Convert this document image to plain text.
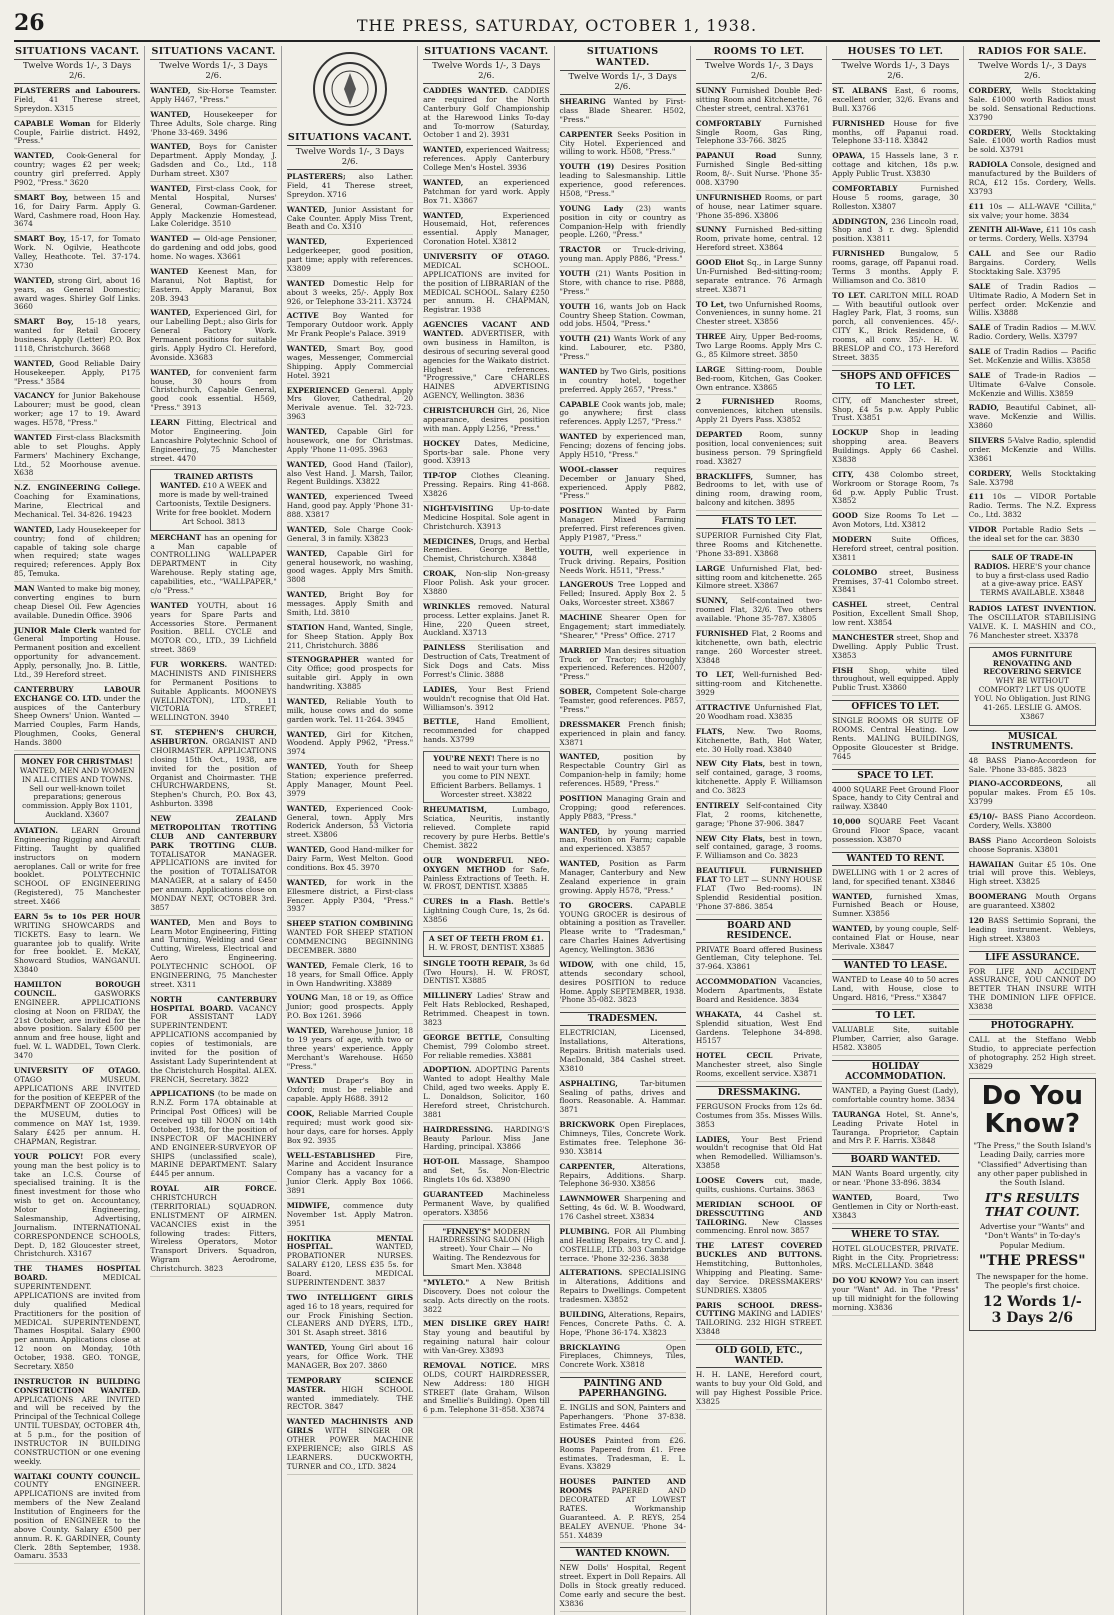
26	THE PRESS, SATURDAY, OCTOBER 1, 1938.
SITUATIONS VACANT.
Twelve Words 1/-, 3 Days 2/6.
PLASTERERS and Labourers. Field, 41 Therese street, Spreydon. X315
CAPABLE Woman for Elderly Couple, Fairlie district. H492, "Press."
WANTED, Cook-General for country; wages £2 per week; country girl preferred. Apply P902, "Press." 3620
SMART Boy, between 15 and 16, for Dairy Farm. Apply G. Ward, Cashmere road, Hoon Hay. 3674
SMART Boy, 15-17, for Tomato Work. N. Ogilvie, Heathcote Valley, Heathcote. Tel. 37-174. X730
WANTED, strong Girl, about 16 years, as General Domestic; award wages. Shirley Golf Links. 3660
SMART Boy, 15-18 years, wanted for Retail Grocery business. Apply (Letter) P.O. Box 1118, Christchurch. 3668
WANTED, Good Reliable Dairy Housekeeper. Apply, P175 "Press." 3584
VACANCY for Junior Bakehouse Labourer; must be good, clean worker; age 17 to 19. Award wages. H578, "Press."
WANTED First-class Blacksmith able to set Ploughs. Apply Farmers' Machinery Exchange, Ltd., 52 Moorhouse avenue. X638
N.Z. ENGINEERING College. Coaching for Examinations, Marine, Electrical and Mechanical. Tel. 34-826. 19423
WANTED, Lady Housekeeper for country; fond of children; capable of taking sole charge when required; state wages required; references. Apply Box 85, Temuka.
MAN Wanted to make big money, converting engines to burn cheap Diesel Oil. Few Agencies available. Dunedin Office. 3906
JUNIOR Male Clerk wanted for General Importing House. Permanent position and excellent opportunity for advancement. Apply, personally, Jno. B. Little, Ltd., 39 Hereford street.
CANTERBURY LABOUR EXCHANGE CO. LTD. under the auspices of the Canterbury Sheep Owners' Union. Wanted — Married Couples, Farm Hands, Ploughmen, Cooks, General Hands. 3800
MONEY FOR CHRISTMAS! WANTED, MEN AND WOMEN IN ALL CITIES AND TOWNS. Sell our well-known toilet preparations; generous commission. Apply Box 1101, Auckland. X3607
AVIATION. LEARN Ground Engineering Rigging and Aircraft Fitting. Taught by qualified instructors on modern aeroplanes. Call or write for free booklet. POLYTECHNIC SCHOOL OF ENGINEERING (Registered), 75 Manchester street. X466
EARN 5s to 10s PER HOUR WRITING SHOWCARDS and TICKETS. Easy to learn. We guarantee job to qualify. Write for free booklet. E. McKAY, Showcard Studios, WANGANUI. X3840
HAMILTON BOROUGH COUNCIL.	GASWORKS ENGINEER. APPLICATIONS closing at Noon on FRIDAY, the 21st October, are invited for the above position. Salary £500 per annum and free house, light and fuel. W. L. WADDEL, Town Clerk. 3470
UNIVERSITY OF OTAGO. OTAGO MUSEUM. APPLICATIONS ARE INVITED for the position of KEEPER of the DEPARTMENT OF ZOOLOGY in the MUSEUM, duties to commence on MAY 1st, 1939. Salary £425 per annum. H. CHAPMAN, Registrar.
YOUR POLICY! FOR every young man the best policy is to take an I.C.S. Course of specialised training. It is the finest investment for those who wish to get on. Accountancy, Motor Engineering, Salesmanship, Advertising, Journalism. INTERNATIONAL CORRESPONDENCE SCHOOLS, Dept. D, 182 Gloucester street, Christchurch. X3167
THE THAMES HOSPITAL BOARD.	MEDICAL SUPERINTENDENT. APPLICATIONS are invited from duly qualified Medical Practitioners for the position of MEDICAL SUPERINTENDENT, Thames Hospital. Salary £900 per annum. Applications close at 12 noon on Monday, 10th October, 1938. GEO. TONGE, Secretary. X850
INSTRUCTOR IN BUILDING CONSTRUCTION WANTED. APPLICATIONS ARE INVITED and will be received by the Principal of the Technical College UNTIL TUESDAY, OCTOBER 4th, at 5 p.m., for the position of INSTRUCTOR IN BUILDING CONSTRUCTION or one evening weekly.
WAITAKI COUNTY COUNCIL. COUNTY ENGINEER. APPLICATIONS are invited from members of the New Zealand Institution of Engineers for the position of ENGINEER to the above County. Salary £500 per annum. R. K. GARDINER, County Clerk. 28th September, 1938. Oamaru. 3533
SITUATIONS VACANT.
Twelve Words 1/-, 3 Days 2/6.
WANTED, Six-Horse Teamster. Apply H467, "Press."
WANTED, Housekeeper for Three Adults, Sole charge. Ring 'Phone 33-469. 3496
WANTED, Boys for Canister Department. Apply Monday, J. Gadsden and Co., Ltd., 118 Durham street. X307
WANTED, First-class Cook, for Mental Hospital, Nurses' General, Cowman-Gardener. Apply Mackenzie Homestead, Lake Coleridge. 3510
WANTED — Old-age Pensioner, do gardening and odd jobs, good home. No wages. X3661
WANTED Keenest Man, for Maranui, Not Baptist, for Eastern. Apply Maranui, Box 20B. 3943
WANTED, Experienced Girl, for our Labelling Dept.; also Girls for General Factory Work. Permanent positions for suitable girls. Apply Hydro Cl. Hereford, Avonside. X3683
WANTED, for convenient farm house, 30 hours from Christchurch, Capable General, good cook essential. H569, "Press." 3913
LEARN Fitting, Electrical and Motor Engineering. Join Lancashire Polytechnic School of Engineering, 75 Manchester street. 4470
TRAINED ARTISTS WANTED. £10 A WEEK and more is made by well-trained Cartoonists, Textile Designers. Write for free booklet. Modern Art School. 3813
MERCHANT has an opening for a Man capable of CONTROLLING WALLPAPER DEPARTMENT in City Warehouse. Reply stating age, capabilities, etc., "WALLPAPER," c/o "Press."
WANTED YOUTH, about 16 years for Spare Parts and Accessories Store. Permanent Position. BELL CYCLE and MOTOR CO., LTD., 39 Lichfield street. 3869
FUR WORKERS. WANTED: MACHINISTS AND FINISHERS for Permanent Positions to Suitable Applicants. MOONEYS (WELLINGTON), LTD., 11 VICTORIA STREET, WELLINGTON. 3940
ST. STEPHEN'S CHURCH, ASHBURTON. ORGANIST AND CHOIRMASTER. APPLICATIONS closing 15th Oct., 1938, are invited for the position of Organist and Choirmaster. THE CHURCHWARDENS, St. Stephen's Church, P.O. Box 43, Ashburton. 3398
NEW ZEALAND METROPOLITAN TROTTING CLUB AND CANTERBURY PARK TROTTING CLUB. TOTALISATOR MANAGER. APPLICATIONS are invited for the position of TOTALISATOR MANAGER, at a salary of £450 per annum. Applications close on MONDAY NEXT, OCTOBER 3rd. 3857
WANTED, Men and Boys to Learn Motor Engineering, Fitting and Turning, Welding and Gear Cutting, Wireless, Electrical and Aero Engineering. POLYTECHNIC SCHOOL OF ENGINEERING, 75 Manchester street. X311
NORTH CANTERBURY HOSPITAL BOARD. VACANCY FOR ASSISTANT LADY SUPERINTENDENT. APPLICATIONS accompanied by copies of testimonials, are invited for the position of Assistant Lady Superintendent at the Christchurch Hospital. ALEX. FRENCH, Secretary. 3822
APPLICATIONS (to be made on R.N.Z. Form 17A obtainable at Principal Post Offices) will be received up till NOON on 14th October, 1938, for the position of INSPECTOR OF MACHINERY AND ENGINEER-SURVEYOR OF SHIPS (unclassified scale), MARINE DEPARTMENT. Salary £445 per annum.
ROYAL AIR FORCE. CHRISTCHURCH (TERRITORIAL) SQUADRON. ENLISTMENT OF AIRMEN. VACANCIES exist in the following trades: Fitters, Wireless Operators, Motor Transport Drivers. Squadron, Wigram Aerodrome, Christchurch. 3823
SITUATIONS VACANT.
Twelve Words 1/-, 3 Days 2/6.
PLASTERERS; also Lather. Field, 41 Therese street, Spreydon. X716
WANTED, Junior Assistant for Cake Counter. Apply Miss Trent, Beath and Co. X310
WANTED,	Experienced Ledgerkeeper, good position, part time; apply with references. X3809
WANTED Domestic Help for about 3 weeks, 25/-. Apply Box 926, or Telephone 33-211. X3724
ACTIVE Boy Wanted for Temporary Outdoor work. Apply Mr Frank People's Palace. 3919
WANTED, Smart Boy, good wages, Messenger, Commercial Shipping. Apply Commercial Hotel. 3921
EXPERIENCED General. Apply Mrs Glover, Cathedral, 20 Merivale avenue. Tel. 32-723. 3963
WANTED, Capable Girl for housework, one for Christmas. Apply 'Phone 11-095. 3963
WANTED, Good Hand (Tailor), also Vest Hand. J. Marsh, Tailor, Regent Buildings. X3822
WANTED, experienced Tweed Hand, good pay. Apply 'Phone 31-888. X3817
WANTED, Sole Charge Cook-General, 3 in family. X3823
WANTED, Capable Girl for general housework, no washing, good wages. Apply Mrs Smith. 3808
WANTED, Bright Boy for messages. Apply Smith and Smith, Ltd. 3810
STATION Hand, Wanted, Single, for Sheep Station. Apply Box 211, Christchurch. 3886
STENOGRAPHER wanted for City Office; good prospects for suitable girl. Apply in own handwriting. X3885
WANTED, Reliable Youth to milk, house cows and do some garden work. Tel. 11-264. 3945
WANTED, Girl for Kitchen, Woodend. Apply P962, "Press." 3974
WANTED, Youth for Sheep Station; experience preferred. Apply Manager, Mount Peel. 3979
WANTED, Experienced Cook-General, town. Apply Mrs Roderick Anderson, 53 Victoria street. X3806
WANTED, Good Hand-milker for Dairy Farm, West Melton. Good conditions. Box 45. 3970
WANTED, for work in the Ellesmere district, a First-class Fencer. Apply P304, "Press." 3937
SHEEP STATION COMBINING WANTED FOR SHEEP STATION COMMENCING BEGINNING DECEMBER. 3880
WANTED, Female Clerk, 16 to 18 years, for Small Office. Apply in Own Handwriting. X3889
YOUNG Man, 18 or 19, as Office Junior; good prospects. Apply P.O. Box 1261. 3966
WANTED, Warehouse Junior, 18 to 19 years of age, with two or three years' experience. Apply Merchant's Warehouse. H650 "Press."
WANTED Draper's Boy in Oxford; must be reliable and capable. Apply H688. 3912
COOK, Reliable Married Couple required; must work good six-hour days, care for horses. Apply Box 92. 3935
WELL-ESTABLISHED	Fire, Marine and Accident Insurance Company has a vacancy for a Junior Clerk. Apply Box 1066. 3891
MIDWIFE, commence duty November 1st. Apply Matron. 3951
HOKITIKA MENTAL HOSPITAL.	WANTED, PROBATIONER NURSES. SALARY £120, LESS £35 5s. for Board. MEDICAL SUPERINTENDENT. 3837
TWO INTELLIGENT GIRLS aged 16 to 18 years, required for our Frock Finishing Section. CLEANERS AND DYERS, LTD., 301 St. Asaph street. 3816
WANTED, Young Girl about 16 years, for Office Work. THE MANAGER, Box 207. 3860
TEMPORARY SCIENCE MASTER. HIGH SCHOOL wanted immediately. THE RECTOR. 3847
WANTED MACHINISTS AND GIRLS WITH SINGER OR OTHER POWER MACHINE EXPERIENCE; also GIRLS AS LEARNERS. DUCKWORTH, TURNER and CO., LTD. 3824
SITUATIONS VACANT.
Twelve Words 1/-, 3 Days 2/6.
CADDIES WANTED. CADDIES are required for the North Canterbury Golf Championship at the Harewood Links To-day and To-morrow (Saturday, October 1 and 2). 3931
WANTED, experienced Waitress; references. Apply Canterbury College Men's Hostel. 3936
WANTED, an experienced Patchman for yard work. Apply Box 71. X3867
WANTED,	Experienced Housemaid, Hot, references essential. Apply Manager, Coronation Hotel. X3812
UNIVERSITY OF OTAGO. MEDICAL SCHOOL. APPLICATIONS are invited for the position of LIBRARIAN of the MEDICAL SCHOOL. Salary £250 per annum. H. CHAPMAN, Registrar. 1938
AGENCIES VACANT AND WANTED. ADVERTISER, with own business in Hamilton, is desirous of securing several good agencies for the Waikato district. Highest references. "Progressive," Care CHARLES HAINES ADVERTISING AGENCY, Wellington. 3836
CHRISTCHURCH Girl, 26, Nice appearance, desires position with man. Apply L256, "Press."
HOCKEY Dates, Medicine, Sports-bar sale. Phone very good. X3913
TIP-TOP Clothes Cleaning. Pressing. Repairs. Ring 41-868. X3826
NIGHT-VISITING Up-to-date Medicine Hospital. Sole agent in Christchurch. X3913
MEDICINES, Drugs, and Herbal Remedies. George Bettle, Chemist, Christchurch. X3848
CROAK, Non-slip Non-greasy Floor Polish. Ask your grocer. X3880
WRINKLES removed. Natural process. Letter explains. Janet R. Hine, 220 Queen street, Auckland. X3713
PAINLESS Sterilisation and Destruction of Cats, Treatment of Sick Dogs and Cats. Miss Forrest's Clinic. 3888
LADIES, Your Best Friend wouldn't recognise that Old Hat. Williamson's. 3912
BETTLE, Hand Emollient, recommended for chapped hands. X3799
YOU'RE NEXT! There is no need to wait your turn when you come to PIN NEXT. Efficient Barbers. Bellamys. 1 Worcester street. X3822
RHEUMATISM,	Lumbago, Sciatica, Neuritis, instantly relieved. Complete rapid recovery by pure Herbs. Bettle's Chemist. 3822
OUR WONDERFUL NEO-OXYGEN METHOD for Safe, Painless Extractions of Teeth. H. W. FROST, DENTIST. X3885
CURES in a Flash. Bettle's Lightning Cough Cure, 1s, 2s 6d. X3856
A SET OF TEETH FROM £1. H. W. FROST, DENTIST. X3885
SINGLE TOOTH REPAIR, 3s 6d (Two Hours). H. W. FROST, DENTIST. X3885
MILLINERY Ladies' Straw and Felt Hats Reblocked, Reshaped, Retrimmed. Cheapest in town. 3823
GEORGE BETTLE, Consulting Chemist, 799 Colombo street. For reliable remedies. X3881
ADOPTION. ADOPTING Parents Wanted to adopt Healthy Male Child, aged two weeks. Apply E. L. Donaldson, Solicitor, 160 Hereford street, Christchurch. 3881
HAIRDRESSING. HARDING'S Beauty Parlour. Miss Jane Harding, principal. X3866
HOT-OIL Massage, Shampoo and Set, 5s. Non-Electric Ringlets 10s 6d. X3890
GUARANTEED	Machineless Permanent Wave, by qualified operators. X3856
"FINNEY'S" MODERN HAIRDRESSING SALON (High street). Your Chair — No Waiting. The Rendezvous for Smart Men. X3848
"MYLETO." A New British Discovery. Does not colour the scalp. Acts directly on the roots. 3822
MEN DISLIKE GREY HAIR! Stay young and beautiful by regaining natural hair colour with Van-Grey. X3893
REMOVAL NOTICE. MRS OLDS, COURT HAIRDRESSER, New Address: 180 HIGH STREET (late Graham, Wilson and Smellie's Building). Open till 6 p.m. Telephone 31-858. X3874
SITUATIONS WANTED.
Twelve Words 1/-, 3 Days 2/6.
SHEARING Wanted by First-class Blade Shearer. H502, "Press."
CARPENTER Seeks Position in City Hotel. Experienced and willing to work. H508, "Press."
YOUTH (19) Desires Position leading to Salesmanship. Little experience, good references. H508, "Press."
YOUNG Lady (23) wants position in city or country as Companion-Help with friendly people. L260, "Press."
TRACTOR or Truck-driving, young man. Apply P886, "Press."
YOUTH (21) Wants Position in Store, with chance to rise. P888, "Press."
YOUTH 16, wants Job on Hack Country Sheep Station. Cowman, odd jobs. H504, "Press."
YOUTH (21) Wants Work of any kind. Labourer, etc. P380, "Press."
WANTED by Two Girls, positions in country hotel, together preferred. Apply 2657, "Press."
CAPABLE Cook wants job, male; go anywhere; first class references. Apply L257, "Press."
WANTED by experienced man, Fencing; dozens of fencing jobs. Apply H510, "Press."
WOOL-classer	requires December or January Shed, experienced. Apply P882, "Press."
POSITION Wanted by Farm Manager. Mixed Farming preferred. First references given. Apply P1987, "Press."
YOUTH, well experience in Truck driving. Repairs, Position Needs Work. H511, "Press."
LANGEROUS Tree Lopped and Felled; Insured. Apply Box 2. 5 Oaks, Worcester street. X3867
MACHINE Shearer Open for Engagement; start immediately. "Shearer," "Press" Office. 2717
MARRIED Man desires situation Truck or Tractor; thoroughly experienced. References. H2007, "Press."
SOBER, Competent Sole-charge Teamster, good references. P857, "Press."
DRESSMAKER French finish; experienced in plain and fancy. X3871
WANTED,	position by Respectable Country Girl as Companion-help in family; home references. H589, "Press."
POSITION Managing Grain and Cropping; good references. Apply P883, "Press."
WANTED, by young married man, Position on Farm; capable and experienced. X3857
WANTED, Position as Farm Manager, Canterbury and New Zealand experience in grain growing. Apply H578, "Press."
TO GROCERS. CAPABLE YOUNG GROCER is desirous of obtaining a position as Traveller. Please write to "Tradesman," care Charles Haines Advertising Agency, Wellington. 3836
WIDOW, with one child, 15, attends secondary school, desires POSITION to reduce Home. Apply SEPTEMBER, 1938. 'Phone 35-082. 3823
TRADESMEN.
ELECTRICIAN, Licensed, Installations, Alterations, Repairs. British materials used. MacDonald, 384 Cashel street. X3810
ASPHALTING,	Tar-bitumen Sealing of paths, drives and floors. Reasonable. A. Hammar. 3871
BRICKWORK Open Fireplaces, Chimneys, Tiles, Concrete Work. Estimates free. Telephone 36-930. X3814
CARPENTER,	Alterations, Repairs, Additions. Sharp. Telephone 36-930. X3856
LAWNMOWER Sharpening and Setting, 4s 6d. W. B. Woodward, 176 Cashel street. X3834
PLUMBING. FOR All Plumbing and Heating Repairs, try C. and J. COSTELLE, LTD. 303 Cambridge terrace. 'Phone 32-236. 3838
ALTERATIONS. SPECIALISING in Alterations, Additions and Repairs to Dwellings. Competent tradesmen. X3852
BUILDING, Alterations, Repairs, Fences, Concrete Paths. C. A. Hope, 'Phone 36-174. X3823
BRICKLAYING	Open Fireplaces, Chimneys, Tiles, Concrete Work. X3818
PAINTING AND PAPERHANGING.
E. INGLIS and SON, Painters and Paperhangers. 'Phone 37-838. Estimates Free. 4464
HOUSES Painted from £26. Rooms Papered from £1. Free estimates. Tradesman, E. L. Evans. X3829
HOUSES PAINTED AND ROOMS	PAPERED AND DECORATED AT LOWEST RATES. Workmanship Guaranteed. A. P. REYS, 254 BEALEY AVENUE. 'Phone 34-551. X4839
WANTED KNOWN.
NEW Dolls' Hospital, Regent street. Expert in Doll Repairs. All Dolls in Stock greatly reduced. Come early and secure the best. X3836
ROOMS TO LET.
Twelve Words 1/-, 3 Days 2/6.
SUNNY Furnished Double Bed-sitting Room and Kitchenette, 76 Chester street, central. X3761
COMFORTABLY	Furnished Single Room, Gas Ring, Telephone 33-766. 3825
PAPANUI Road	Sunny, Furnished Single Bed-sitting Room, 8/-. Suit Nurse. 'Phone 35-008. X3790
UNFURNISHED Rooms, or part of house, near Latimer square. 'Phone 35-896. X3806
SUNNY Furnished Bed-sitting Room, private home, central. 12 Hereford street. X3864
GOOD Eliot Sq., in Large Sunny Un-Furnished Bed-sitting-room; separate entrance. 76 Armagh street. X3871
TO Let, two Unfurnished Rooms, Conveniences, in sunny home. 21 Chester street. X3856
THREE Airy, Upper Bed-rooms, Two Large Rooms. Apply Mrs C. G., 85 Kilmore street. 3850
LARGE Sitting-room, Double Bed-room, Kitchen, Gas Cooker. Own entrance. X3865
2 FURNISHED	Rooms, conveniences, kitchen utensils. Apply 21 Dyers Pass. X3852
DEPARTED Room, sunny position, local conveniences; suit business person. 79 Springfield road. X3827
BRACKLIFFS, Sumner, has Bedrooms to let, with use of dining room, drawing room, balcony and kitchen. 3895
FLATS TO LET.
SUPERIOR Furnished City Flat, three Rooms and Kitchenette. 'Phone 33-891. X3868
LARGE Unfurnished Flat, bed-sitting room and kitchenette. 265 Kilmore street. X3867
SUNNY, Self-contained two-roomed Flat, 32/6. Two others available. 'Phone 35-787. X3805
FURNISHED Flat, 2 Rooms and kitchenette, own bath, electric range. 260 Worcester street. X3848
TO LET, Well-furnished Bed-sitting-room and Kitchenette. 3929
ATTRACTIVE Unfurnished Flat, 20 Woodham road. X3835
FLATS, New. Two Rooms, Kitchenette, Bath, Hot Water, etc. 30 Holly road. X3840
NEW City Flats, best in town, self contained, garage, 3 rooms, kitchenette. Apply F. Williamson and Co. 3823
ENTIRELY Self-contained City Flat, 2 rooms, kitchenette, garage; 'Phone 37-906. 3847
NEW City Flats, best in town, self contained, garage, 3 rooms. F. Williamson and Co. 3823
BEAUTIFUL FURNISHED FLAT TO LET — SUNNY HOUSE FLAT (Two Bed-rooms). IN Splendid Residential position. 'Phone 37-886. 3854
BOARD AND RESIDENCE.
PRIVATE Board offered Business Gentleman, City telephone. Tel. 37-964. X3861
ACCOMMODATION Vacancies, Modern Apartments, Estate Board and Residence. 3834
WHAKATA, 44 Cashel st. Splendid situation, West End Gardens. Telephone 34-898. H5157
HOTEL CECIL	Private, Manchester street, also Single Rooms, excellent service. X3871
DRESSMAKING.
FERGUSON Frocks from 12s 6d. Costumes from 35s. Misses Wills. 3853
LADIES, Your Best Friend wouldn't recognise that Old Hat when Remodelled. Williamson's. X3858
LOOSE Covers cut, made, quilts, cushions. Curtains. 3863
MERIDIAN SCHOOL OF DRESSCUTTING AND TAILORING. New Classes commencing. Enrol now. 3857
THE LATEST COVERED BUCKLES AND BUTTONS. Hemstitching, Buttonholes, Whipping and Pleating. Same-day Service. DRESSMAKERS' SUNDRIES. X3805
PARIS SCHOOL DRESS-CUTTING MAKING and LADIES' TAILORING. 232 HIGH STREET. X3848
OLD GOLD, ETC., WANTED.
H. H. LANE, Hereford court, wants to buy your Old Gold, and will pay Highest Possible Price. X3825
HOUSES TO LET.
Twelve Words 1/-, 3 Days 2/6.
ST. ALBANS East, 6 rooms, excellent order, 32/6. Evans and Bull. X3766
FURNISHED House for five months, off Papanui road. Telephone 33-118. X3842
OPAWA, 15 Hassels lane, 3 r. cottage and kitchen, 18s p.w. Apply Public Trust. X3830
COMFORTABLY	Furnished House 5 rooms, garage, 30 Rolleston. X3807
ADDINGTON, 236 Lincoln road, Shop and 3 r. dwg. Splendid position. X3811
FURNISHED Bungalow, 5 rooms, garage, off Papanui road. Terms 3 months. Apply F. Williamson and Co. 3810
TO LET. CARLTON MILL ROAD — With beautiful outlook over Hagley Park, Flat, 3 rooms, sun porch, all conveniences. 45/-. CITY K., Brick Residence, 6 rooms, all conv. 35/-. H. W. BRESLOP and CO., 173 Hereford Street. 3835
SHOPS AND OFFICES TO LET.
CITY, off Manchester street, Shop, £4 5s p.w. Apply Public Trust. X3851
LOCKUP Shop in leading shopping area. Beavers Buildings. Apply 66 Cashel. X3838
CITY, 438 Colombo street, Workroom or Storage Room, 7s 6d p.w. Apply Public Trust. X3852
GOOD Size Rooms To Let — Avon Motors, Ltd. X3812
MODERN	Suite Offices, Hereford street, central position. X3811
COLOMBO street, Business Premises, 37-41 Colombo street. X3841
CASHEL	street, Central Position, Excellent Small Shop, low rent. X3854
MANCHESTER street, Shop and Dwelling. Apply Public Trust. X3853
FISH Shop, white tiled throughout, well equipped. Apply Public Trust. X3860
OFFICES TO LET.
SINGLE ROOMS OR SUITE OF ROOMS. Central Heating. Low Rents. MALING BUILDINGS, Opposite Gloucester st Bridge. 7645
SPACE TO LET.
4000 SQUARE Feet Ground Floor Space, handy to City Central and railway. X3840
10,000 SQUARE Feet Vacant Ground Floor Space, vacant possession. X3870
WANTED TO RENT.
DWELLING with 1 or 2 acres of land, for specified tenant. X3846
WANTED, furnished Xmas, Furnished Beach or House, Sumner. X3856
WANTED, by young couple, Self-contained Flat or House, near Merivale. X3847
WANTED TO LEASE.
WANTED to Lease 40 to 50 acres Land, with House, close to Ungard. H816, "Press." X3847
TO LET.
VALUABLE Site, suitable Plumber, Carrier, also Garage. H582. X3805
HOLIDAY ACCOMMODATION.
WANTED, a Paying Guest (Lady), comfortable country home. 3834
TAURANGA Hotel, St. Anne's, Leading Private Hotel in Tauranga. Proprietor, Captain and Mrs P. F. Harris. X3848
BOARD WANTED.
MAN Wants Board urgently, city or near. 'Phone 33-896. 3834
WANTED,	Board, Two Gentlemen in City or North-east. X3843
WHERE TO STAY.
HOTEL GLOUCESTER, PRIVATE. Right in the City. Proprietress: MRS. McCLELLAND. 3848
DO YOU KNOW? You can insert your "Want" Ad. in The "Press" up till midnight for the following morning. X3836
RADIOS FOR SALE.
Twelve Words 1/-, 3 Days 2/6.
CORDERY, Wells Stocktaking Sale. £1000 worth Radios must be sold. Sensational Reductions. X3790
CORDERY, Wells Stocktaking Sale. £1000 worth Radios must be sold. X3791
RADIOLA Console, designed and manufactured by the Builders of RCA, £12 15s. Cordery, Wells. X3793
£11 10s — ALL-WAVE "Cillita," six valve; your home. 3834
ZENITH All-Wave, £11 10s cash or terms. Cordery, Wells. X3794
CALL and See our Radio Bargains. Cordery, Wells Stocktaking Sale. X3795
SALE of Tradin Radios — Ultimate Radio, A Modern Set in perfect order. McKenzie and Willis. X3888
SALE of Tradin Radios — M.W.V. Radio. Cordery, Wells. X3797
SALE of Tradin Radios — Pacific Set. McKenzie and Willis. X3858
SALE of Trade-in Radios — Ultimate 6-Valve Console. McKenzie and Willis. X3859
RADIO, Beautiful Cabinet, all-wave. McKenzie and Willis. X3860
SILVERS 5-Valve Radio, splendid order. McKenzie and Willis. X3861
CORDERY, Wells Stocktaking Sale. X3798
£11 10s — VIDOR Portable Radio. Terms. The N.Z. Express Co., Ltd. 3832
VIDOR Portable Radio Sets — the ideal set for the car. 3830
SALE OF TRADE-IN RADIOS. HERE'S your chance to buy a first-class used Radio at a give-away price. EASY TERMS AVAILABLE. X3848
RADIOS LATEST INVENTION. The OSCILLATOR STABILISING VALVE. K. I. MASHIN and CO., 76 Manchester street. X3378
AMOS FURNITURE RENOVATING AND RECOVERING SERVICE WHY BE WITHOUT COMFORT? LET US QUOTE YOU. No Obligation. Just RING 41-265. LESLIE G. AMOS. X3867
MUSICAL INSTRUMENTS.
48 BASS Piano-Accordeon for Sale. 'Phone 33-885. 3823
PIANO-ACCORDEONS,	all popular makes. From £5 10s. X3799
£5/10/- BASS Piano Accordeon. Cordery, Wells. X3800
BASS Piano Accordeon Soloists choose Sopranis. X3801
HAWAIIAN Guitar £5 10s. One trial will prove this. Webleys, High street. X3825
BOOMERANG Mouth Organs are guaranteed. X3802
120 BASS Settimio Soprani, the leading instrument. Webleys, High street. X3803
LIFE ASSURANCE.
FOR LIFE AND ACCIDENT ASSURANCE, YOU CANNOT DO BETTER THAN INSURE WITH THE DOMINION LIFE OFFICE. X3838
PHOTOGRAPHY.
CALL at the Steffano Webb Studio, to appreciate perfection of photography. 252 High street. X3829
Do You Know?
"The Press," the South Island's Leading Daily, carries more "Classified" Advertising than any other paper published in the South Island.
IT'S RESULTS THAT COUNT.
Advertise your "Wants" and "Don't Wants" in To-day's Popular Medium.
"THE PRESS"
The newspaper for the home. The people's first choice.
12 Words 1/-
3 Days 2/6
